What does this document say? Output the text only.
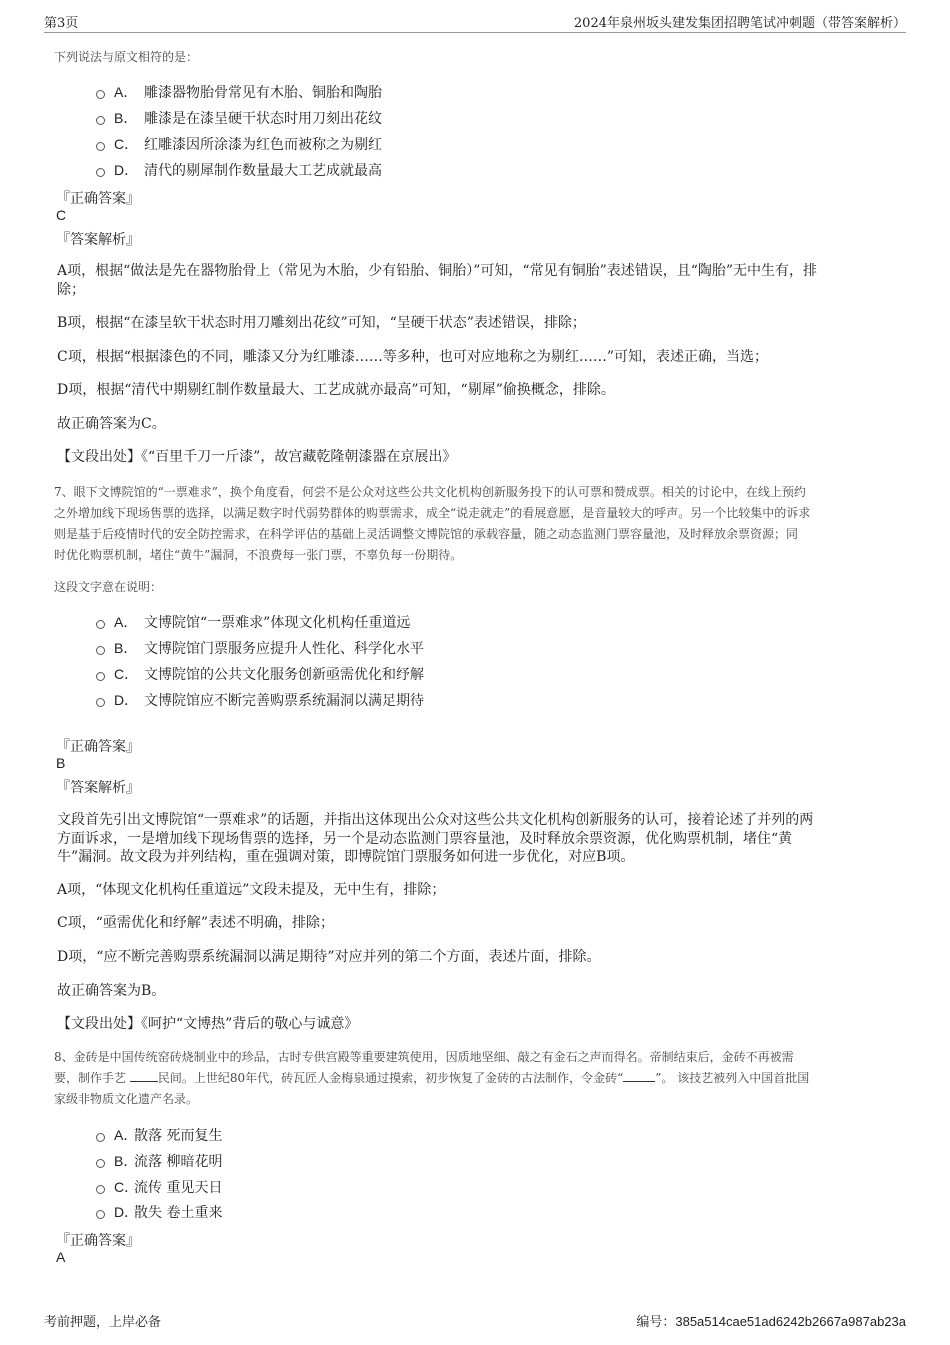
第3页	2024年泉州坂头建发集团招聘笔试冲刺题（带答案解析）
下列说法与原文相符的是：
A． 雕漆器物胎骨常见有木胎、铜胎和陶胎
B． 雕漆是在漆呈硬干状态时用刀刻出花纹
C． 红雕漆因所涂漆为红色而被称之为剔红
D． 清代的剔犀制作数量最大工艺成就最高
『正确答案』
C
『答案解析』
A项，根据“做法是先在器物胎骨上（常见为木胎，少有铅胎、铜胎）”可知，“常见有铜胎”表述错误，且“陶胎”无中生有，排
除；
B项，根据“在漆呈软干状态时用刀雕刻出花纹”可知，“呈硬干状态”表述错误，排除；
C项，根据“根据漆色的不同，雕漆又分为红雕漆……等多种，也可对应地称之为剔红……”可知，表述正确，当选；
D项，根据“清代中期剔红制作数量最大、工艺成就亦最高”可知，“剔犀”偷换概念，排除。
故正确答案为C。
【文段出处】《“百里千刀一斤漆”，故宫藏乾隆朝漆器在京展出》
7、眼下文博院馆的“一票难求”，换个角度看，何尝不是公众对这些公共文化机构创新服务投下的认可票和赞成票。相关的讨论中，在线上预约
之外增加线下现场售票的选择，以满足数字时代弱势群体的购票需求，成全“说走就走”的看展意愿，是音量较大的呼声。另一个比较集中的诉求
则是基于后疫情时代的安全防控需求，在科学评估的基础上灵活调整文博院馆的承载容量，随之动态监测门票容量池，及时释放余票资源；同
时优化购票机制，堵住“黄牛”漏洞，不浪费每一张门票，不辜负每一份期待。
这段文字意在说明：
A． 文博院馆“一票难求”体现文化机构任重道远
B． 文博院馆门票服务应提升人性化、科学化水平
C． 文博院馆的公共文化服务创新亟需优化和纾解
D． 文博院馆应不断完善购票系统漏洞以满足期待
『正确答案』
B
『答案解析』
文段首先引出文博院馆“一票难求”的话题，并指出这体现出公众对这些公共文化机构创新服务的认可，接着论述了并列的两
方面诉求，一是增加线下现场售票的选择，另一个是动态监测门票容量池，及时释放余票资源，优化购票机制，堵住“黄
牛”漏洞。故文段为并列结构，重在强调对策，即博院馆门票服务如何进一步优化，对应B项。
A项，“体现文化机构任重道远”文段未提及，无中生有，排除；
C项，“亟需优化和纾解”表述不明确，排除；
D项，“应不断完善购票系统漏洞以满足期待”对应并列的第二个方面，表述片面，排除。
故正确答案为B。
【文段出处】《呵护“文博热”背后的敬心与诚意》
8、金砖是中国传统窑砖烧制业中的珍品，古时专供宫殿等重要建筑使用，因质地坚细、敲之有金石之声而得名。帝制结束后，金砖不再被需
要，制作手艺	民间。上世纪80年代，砖瓦匠人金梅泉通过摸索，初步恢复了金砖的古法制作，令金砖“	”。 该技艺被列入中国首批国
家级非物质文化遗产名录。
A．
散落 死而复生
B．
流落 柳暗花明
C．
流传 重见天日
D．
散失 卷土重来
『正确答案』
A
考前押题，上岸必备	编号：385a514cae51ad6242b2667a987ab23a
